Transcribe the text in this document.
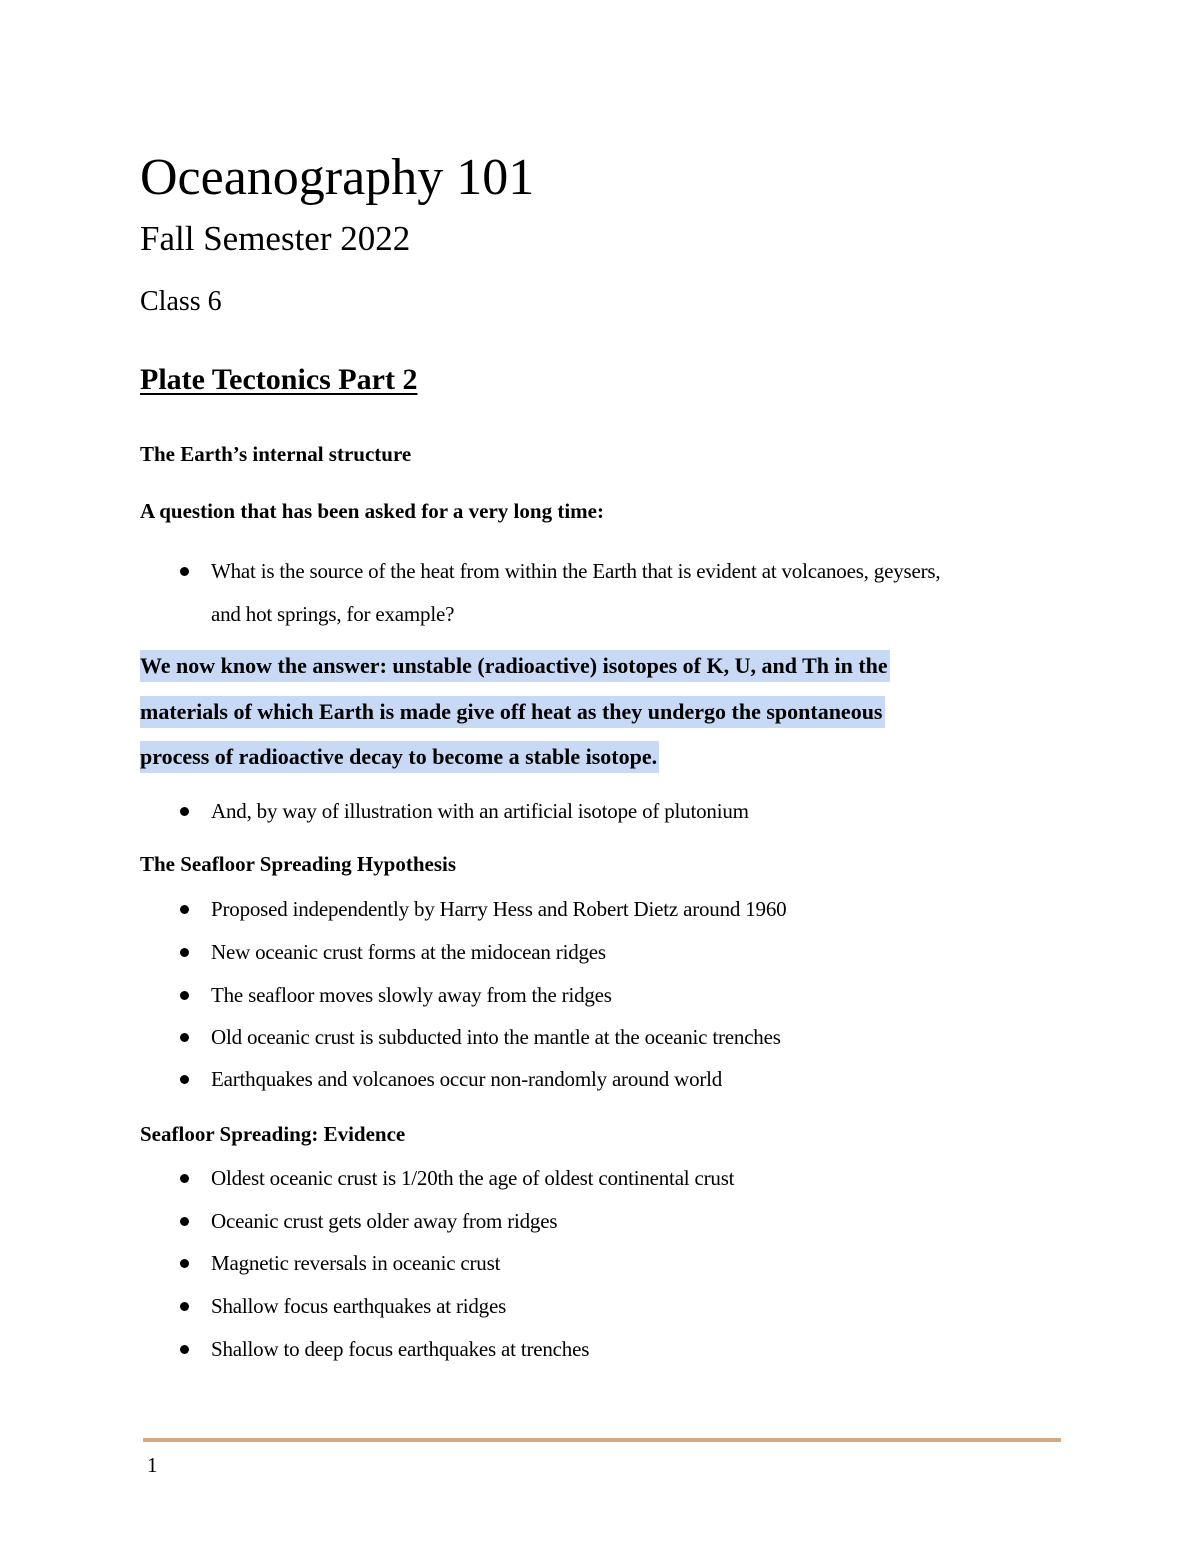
Oceanography 101
Fall Semester 2022
Class 6
Plate Tectonics Part 2
The Earth’s internal structure
A question that has been asked for a very long time:
What is the source of the heat from within the Earth that is evident at volcanoes, geysers,
and hot springs, for example?
We now know the answer: unstable (radioactive) isotopes of K, U, and Th in the
materials of which Earth is made give off heat as they undergo the spontaneous
process of radioactive decay to become a stable isotope.
And, by way of illustration with an artificial isotope of plutonium
The Seafloor Spreading Hypothesis
Proposed independently by Harry Hess and Robert Dietz around 1960
New oceanic crust forms at the midocean ridges
The seafloor moves slowly away from the ridges
Old oceanic crust is subducted into the mantle at the oceanic trenches
Earthquakes and volcanoes occur non-randomly around world
Seafloor Spreading: Evidence
Oldest oceanic crust is 1/20th the age of oldest continental crust
Oceanic crust gets older away from ridges
Magnetic reversals in oceanic crust
Shallow focus earthquakes at ridges
Shallow to deep focus earthquakes at trenches
1
